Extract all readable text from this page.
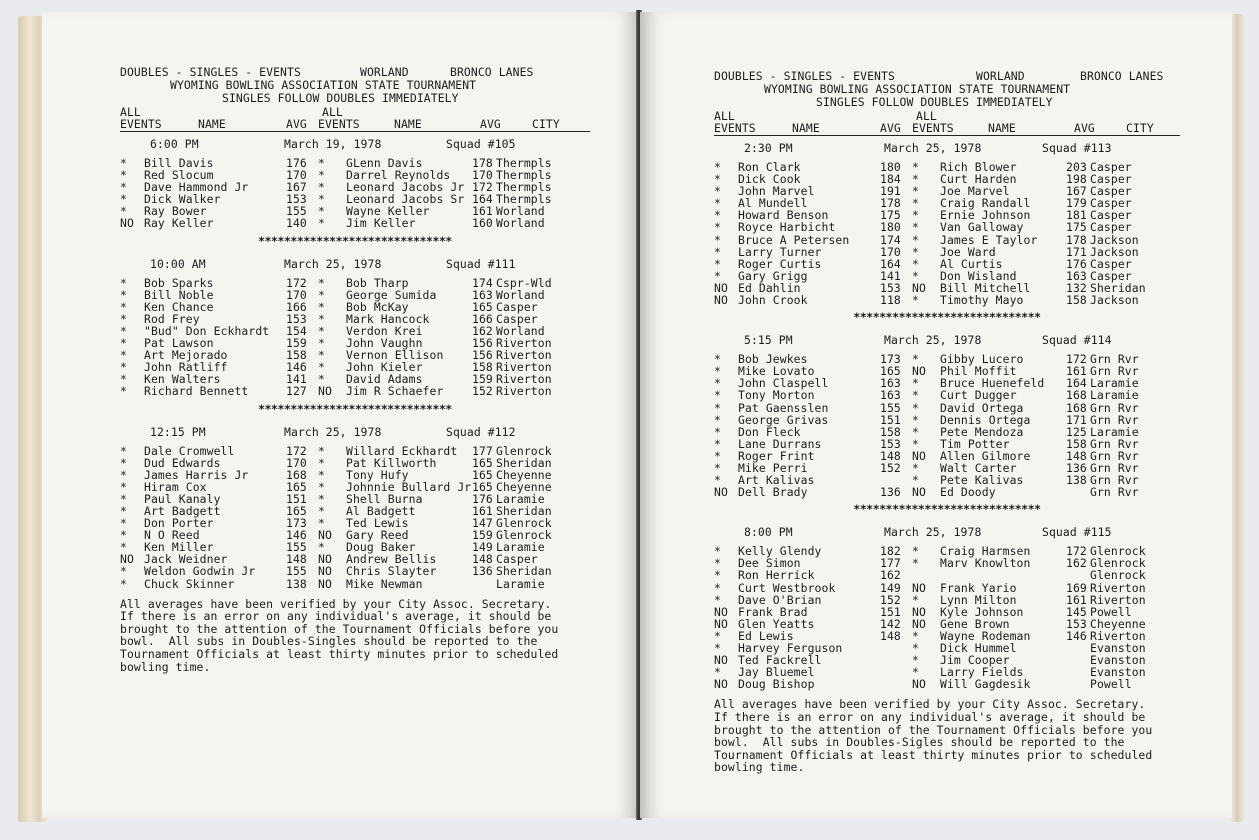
DOUBLES - SINGLES - EVENTS	WORLAND	BRONCO LANES
WYOMING BOWLING ASSOCIATION STATE TOURNAMENT
SINGLES FOLLOW DOUBLES IMMEDIATELY
ALL
EVENTS	NAME	AVG
ALL
EVENTS	NAME	AVG	CITY
6:00 PM	March 19, 1978	Squad #105
* Bill Davis	176 * GLenn Davis	178 Thermpls
* Red Slocum	170 * Darrel Reynolds 170 Thermpls
* Dave Hammond Jr	167 * Leonard Jacobs Jr 172 Thermpls
* Dick Walker	153 * Leonard Jacobs Sr 164 Thermpls
* Ray Bower	155 * Wayne Keller	161 Worland
NO Ray Keller	140 * Jim Keller	160 Worland
******************************
10:00 AM	March 25, 1978	Squad #111
* Bob Sparks	172 * Bob Tharp	174 Cspr-Wld
* Bill Noble	170 * George Sumida	163 Worland
* Ken Chance	166 * Bob McKay	165 Casper
* Rod Frey	153 * Mark Hancock	166 Casper
* "Bud" Don Eckhardt 154 * Verdon Krei	162 Worland
* Pat Lawson	159 * John Vaughn	156 Riverton
* Art Mejorado	158 * Vernon Ellison	156 Riverton
* John Ratliff	146 * John Kieler	158 Riverton
* Ken Walters	141 * David Adams	159 Riverton
* Richard Bennett	127 NO Jim R Schaefer	152 Riverton
******************************
12:15 PM	March 25, 1978	Squad #112
* Dale Cromwell	172 * Willard Eckhardt 177 Glenrock
* Dud Edwards	170 * Pat Killworth	165 Sheridan
* James Harris Jr	168 * Tony Hufy	165 Cheyenne
* Hiram Cox	165 * Johnnie Bullard Jr 165 Cheyenne
* Paul Kanaly	151 * Shell Burna	176 Laramie
* Art Badgett	165 * Al Badgett	161 Sheridan
* Don Porter	173 * Ted Lewis	147 Glenrock
* N O Reed	146 NO Gary Reed	159 Glenrock
* Ken Miller	155 * Doug Baker	149 Laramie
NO Jack Weidner	148 NO Andrew Bellis	148 Casper
* Weldon Godwin Jr	155 NO Chris Slayter	136 Sheridan
* Chuck Skinner	138 NO Mike Newman	Laramie
All averages have been verified by your City Assoc. Secretary.
If there is an error on any individual's average, it should be
brought to the attention of the Tournament Officials before you
bowl.  All subs in Doubles-Singles should be reported to the
Tournament Officials at least thirty minutes prior to scheduled
bowling time.
DOUBLES - SINGLES - EVENTS	WORLAND	BRONCO LANES
WYOMING BOWLING ASSOCIATION STATE TOURNAMENT
SINGLES FOLLOW DOUBLES IMMEDIATELY
ALL
EVENTS	NAME	AVG
ALL
EVENTS	NAME	AVG	CITY
2:30 PM	March 25, 1978	Squad #113
* Ron Clark	180 * Rich Blower	203 Casper
* Dick Cook	184 * Curt Harden	198 Casper
* John Marvel	191 * Joe Marvel	167 Casper
* Al Mundell	178 * Craig Randall	179 Casper
* Howard Benson	175 * Ernie Johnson	181 Casper
* Royce Harbicht	180 * Van Galloway	175 Casper
* Bruce A Petersen	174 * James E Taylor	178 Jackson
* Larry Turner	170 * Joe Ward	171 Jackson
* Roger Curtis	164 * Al Curtis	176 Casper
* Gary Grigg	141 * Don Wisland	163 Casper
NO Ed Dahlin	153 NO Bill Mitchell	132 Sheridan
NO John Crook	118 * Timothy Mayo	158 Jackson
*****************************
5:15 PM	March 25, 1978	Squad #114
* Bob Jewkes	173 * Gibby Lucero	172 Grn Rvr
* Mike Lovato	165 NO Phil Moffit	161 Grn Rvr
* John Claspell	163 * Bruce Huenefeld 164 Laramie
* Tony Morton	163 * Curt Dugger	168 Laramie
* Pat Gaensslen	155 * David Ortega	168 Grn Rvr
* George Grivas	151 * Dennis Ortega	171 Grn Rvr
* Don Fleck	158 * Pete Mendoza	125 Laramie
* Lane Durrans	153 * Tim Potter	158 Grn Rvr
* Roger Frint	148 NO Allen Gilmore	148 Grn Rvr
* Mike Perri	152 * Walt Carter	136 Grn Rvr
* Art Kalivas	* Pete Kalivas	138 Grn Rvr
NO Dell Brady	136 NO Ed Doody	Grn Rvr
*****************************
8:00 PM	March 25, 1978	Squad #115
* Kelly Glendy	182 * Craig Harmsen	172 Glenrock
* Dee Simon	177 * Marv Knowlton	162 Glenrock
* Ron Herrick	162	Glenrock
* Curt Westbrook	149 NO Frank Yario	169 Riverton
* Dave O'Brian	152 * Lynn Milton	161 Riverton
NO Frank Brad	151 NO Kyle Johnson	145 Powell
NO Glen Yeatts	142 NO Gene Brown	153 Cheyenne
* Ed Lewis	148 * Wayne Rodeman	146 Riverton
* Harvey Ferguson	* Dick Hummel	Evanston
NO Ted Fackrell	* Jim Cooper	Evanston
* Jay Bluemel	* Larry Fields	Evanston
NO Doug Bishop	NO Will Gagdesik	Powell
All averages have been verified by your City Assoc. Secretary.
If there is an error on any individual's average, it should be
brought to the attention of the Tournament Officials before you
bowl.  All subs in Doubles-Sigles should be reported to the
Tournament Officials at least thirty minutes prior to scheduled
bowling time.
